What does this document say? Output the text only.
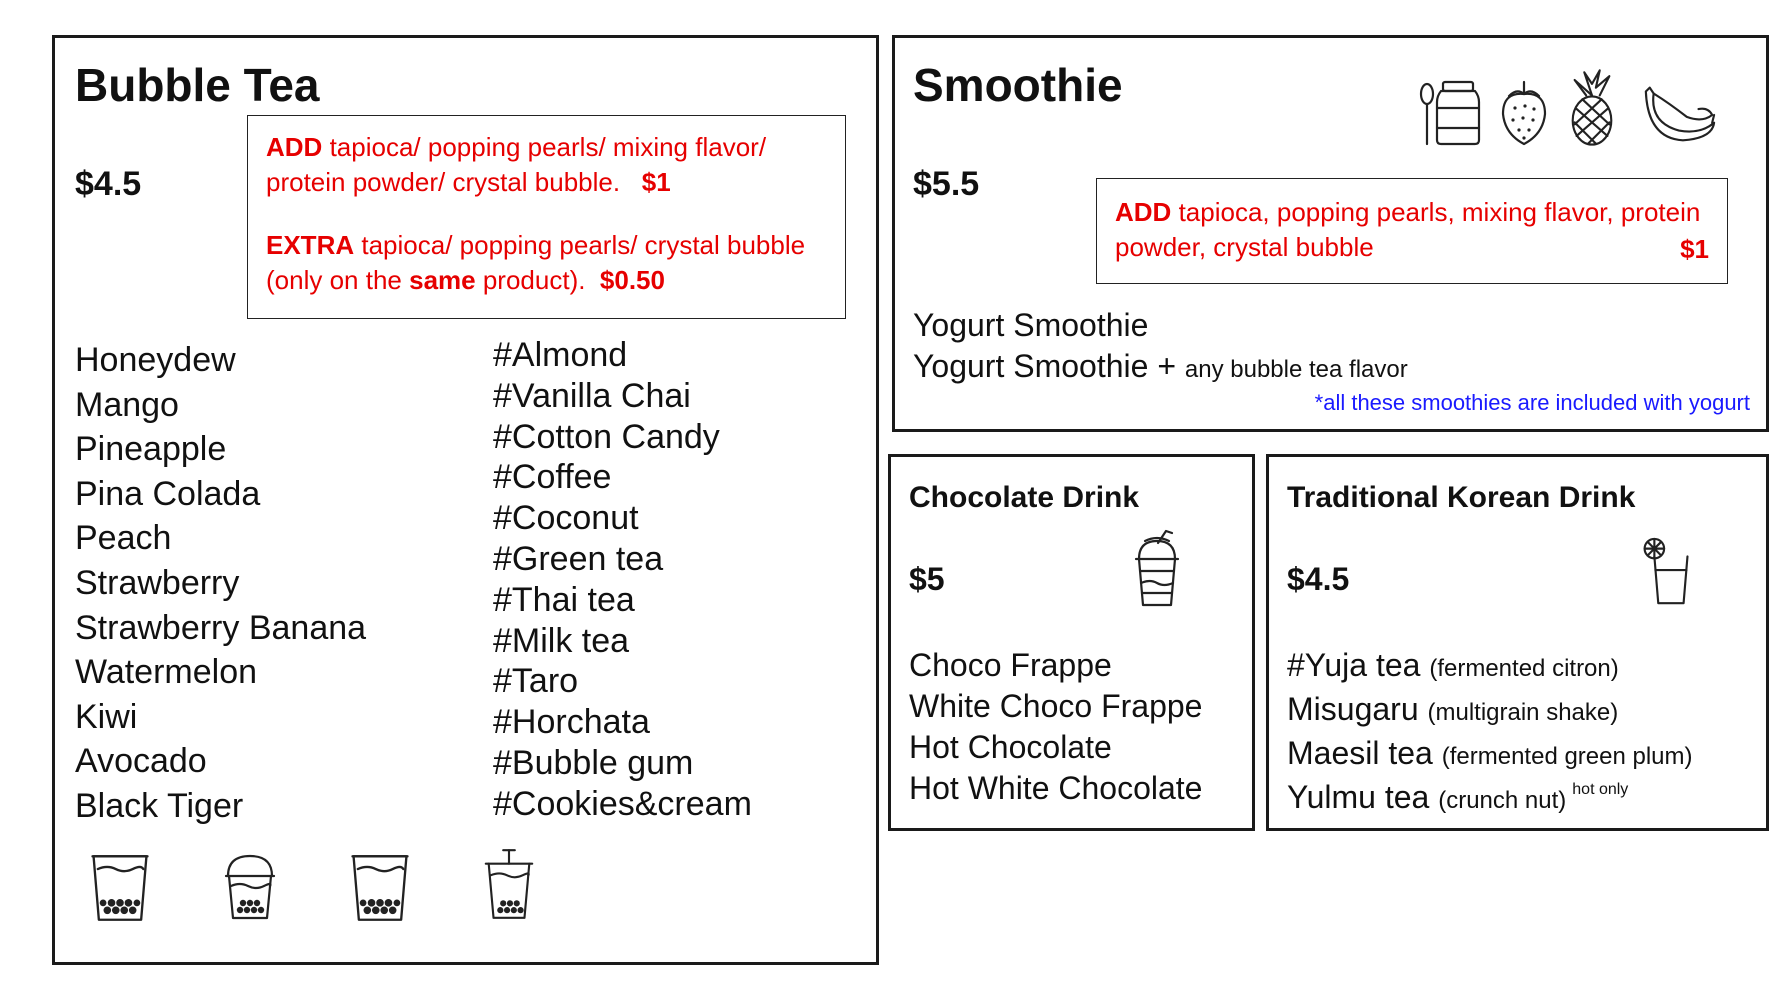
Bubble Tea
$4.5
ADD tapioca/ popping pearls/ mixing flavor/ protein powder/ crystal bubble. $1
EXTRA tapioca/ popping pearls/ crystal bubble (only on the same product). $0.50
Honeydew
Mango
Pineapple
Pina Colada
Peach
Strawberry
Strawberry Banana
Watermelon
Kiwi
Avocado
Black Tiger
#Almond
#Vanilla Chai
#Cotton Candy
#Coffee
#Coconut
#Green tea
#Thai tea
#Milk tea
#Taro
#Horchata
#Bubble gum
#Cookies&cream
Smoothie
$5.5
ADD tapioca, popping pearls, mixing flavor, protein powder, crystal bubble	$1
Yogurt Smoothie
Yogurt Smoothie + any bubble tea flavor
*all these smoothies are included with yogurt
Chocolate Drink
$5
Choco Frappe
White Choco Frappe
Hot Chocolate
Hot White Chocolate
Traditional Korean Drink
$4.5
#Yuja tea (fermented citron)
Misugaru (multigrain shake)
Maesil tea (fermented green plum)
Yulmu tea (crunch nut) $^{hot only}$
